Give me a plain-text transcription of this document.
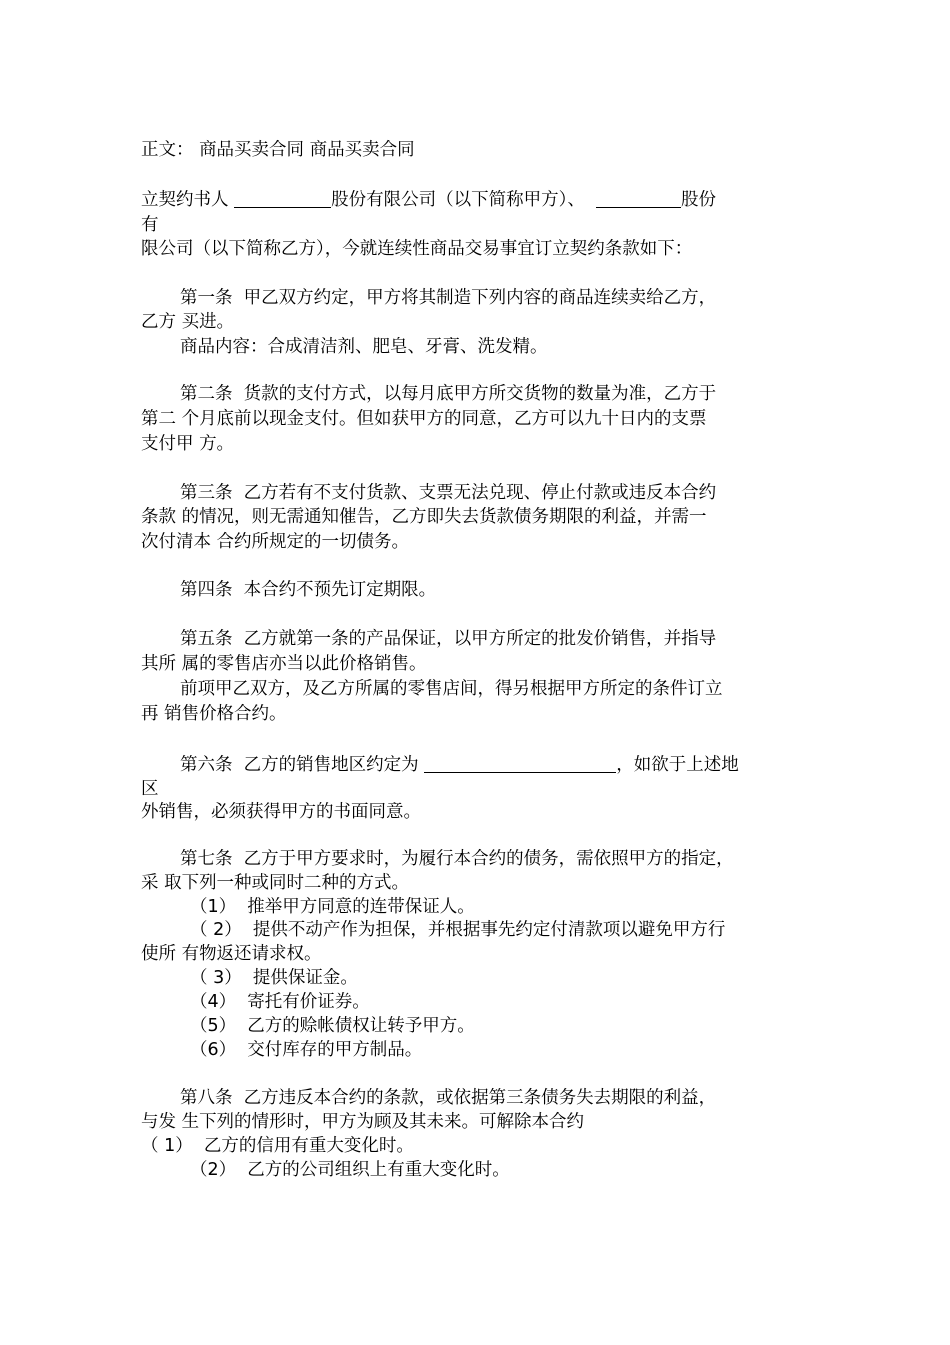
正文： 商品买卖合同 商品买卖合同
立契约书人	股份有限公司（以下简称甲方）、	股份
有
限公司（以下简称乙方），今就连续性商品交易事宜订立契约条款如下：
第一条  甲乙双方约定，甲方将其制造下列内容的商品连续卖给乙方，
乙方 买进。
商品内容：合成清洁剂、肥皂、牙膏、洗发精。
第二条  货款的支付方式，以每月底甲方所交货物的数量为准，乙方于
第二 个月底前以现金支付。但如获甲方的同意，乙方可以九十日内的支票
支付甲 方。
第三条  乙方若有不支付货款、支票无法兑现、停止付款或违反本合约
条款 的情况，则无需通知催告，乙方即失去货款债务期限的利益，并需一
次付清本 合约所规定的一切债务。
第四条  本合约不预先订定期限。
第五条  乙方就第一条的产品保证，以甲方所定的批发价销售，并指导
其所 属的零售店亦当以此价格销售。
前项甲乙双方，及乙方所属的零售店间，得另根据甲方所定的条件订立
再 销售价格合约。
第六条  乙方的销售地区约定为	，如欲于上述地
区
外销售，必须获得甲方的书面同意。
第七条  乙方于甲方要求时，为履行本合约的债务，需依照甲方的指定，
采 取下列一种或同时二种的方式。
（1）  推举甲方同意的连带保证人。
（ 2）  提供不动产作为担保，并根据事先约定付清款项以避免甲方行
使所 有物返还请求权。
（ 3）  提供保证金。
（4）  寄托有价证券。
（5）  乙方的赊帐债权让转予甲方。
（6）  交付库存的甲方制品。
第八条  乙方违反本合约的条款，或依据第三条债务失去期限的利益，
与发 生下列的情形时，甲方为顾及其未来。可解除本合约
（ 1）  乙方的信用有重大变化时。
（2）  乙方的公司组织上有重大变化时。
